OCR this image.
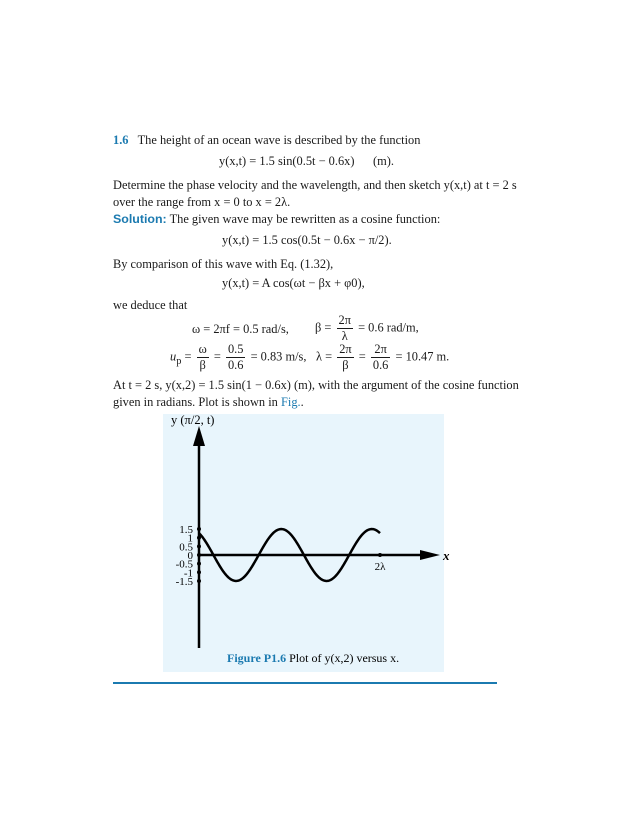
1.6 The height of an ocean wave is described by the function
y(x,t) = 1.5 sin(0.5t − 0.6x) (m).
Determine the phase velocity and the wavelength, and then sketch y(x,t) at t = 2 s
over the range from x = 0 to x = 2λ.
Solution: The given wave may be rewritten as a cosine function:
y(x,t) = 1.5 cos(0.5t − 0.6x − π/2).
By comparison of this wave with Eq. (1.32),
y(x,t) = A cos(ωt − βx + φ0),
we deduce that
ω = 2πf = 0.5 rad/s, $\beta = \frac{2\pi}{\lambda} = 0.6$ rad/m,
$u_p = \frac{\omega}{\beta} = \frac{0.5}{0.6} = 0.83$ m/s, $\lambda = \frac{2\pi}{\beta} = \frac{2\pi}{0.6} = 10.47$ m.
At t = 2 s, y(x,2) = 1.5 sin(1 − 0.6x) (m), with the argument of the cosine function
given in radians. Plot is shown in Fig..
y (π/2, t)
x
1.5
1
0.5
0
-0.5
-1
-1.5
2λ
Figure P1.6 Plot of y(x,2) versus x.
